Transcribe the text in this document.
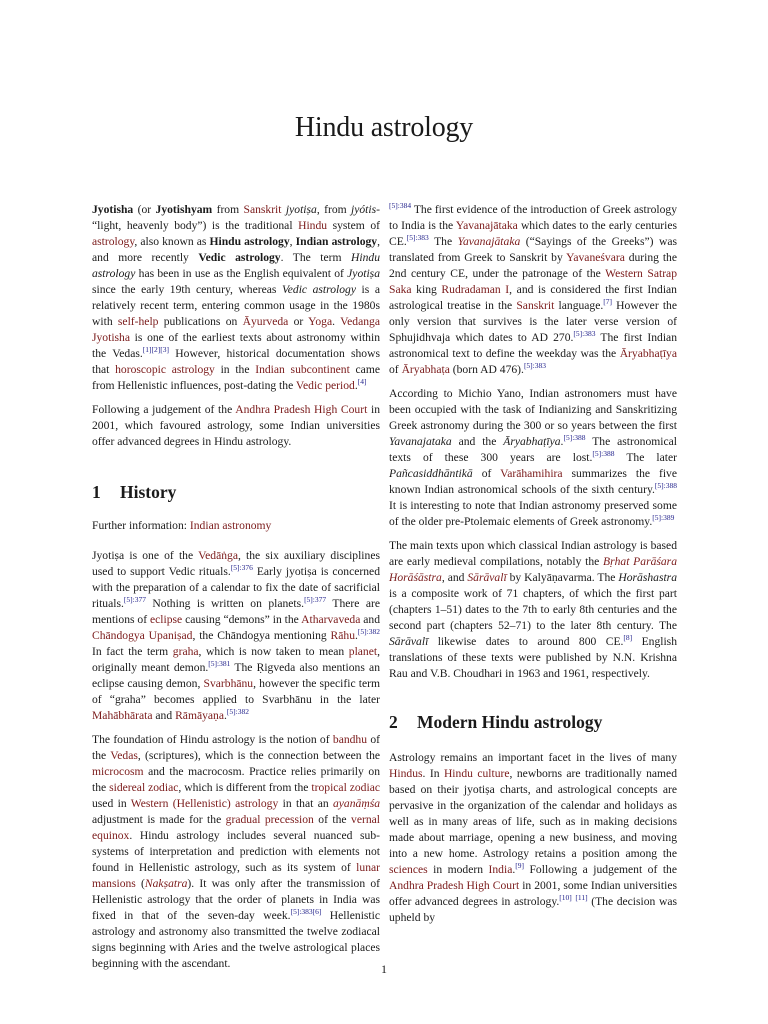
Hindu astrology

Jyotisha (or Jyotishyam from Sanskrit jyotiṣa, from jyótis- “light, heavenly body”) is the traditional Hindu system of astrology, also known as Hindu astrology, Indian astrology, and more recently Vedic astrology. The term Hindu astrology has been in use as the English equivalent of Jyotiṣa since the early 19th century, whereas Vedic astrology is a relatively recent term, entering common usage in the 1980s with self-help publications on Āyurveda or Yoga. Vedanga Jyotisha is one of the earliest texts about astronomy within the Vedas.[1][2][3] However, historical documentation shows that horoscopic astrology in the Indian subcontinent came from Hellenistic influences, post-dating the Vedic period.[4]

Following a judgement of the Andhra Pradesh High Court in 2001, which favoured astrology, some Indian universities offer advanced degrees in Hindu astrology.

1 History

Further information: Indian astronomy

Jyotiṣa is one of the Vedāṅga, the six auxiliary disciplines used to support Vedic rituals.$^{[5]:376}$ Early jyotiṣa is concerned with the preparation of a calendar to fix the date of sacrificial rituals.$^{[5]:377}$ Nothing is written on planets.$^{[5]:377}$ There are mentions of eclipse causing “demons” in the Atharvaveda and Chāndogya Upaniṣad, the Chāndogya mentioning Rāhu.$^{[5]:382}$ In fact the term graha, which is now taken to mean planet, originally meant demon.$^{[5]:381}$ The Ṛigveda also mentions an eclipse causing demon, Svarbhānu, however the specific term of “graha” becomes applied to Svarbhānu in the later Mahābhārata and Rāmāyaṇa.$^{[5]:382}$

The foundation of Hindu astrology is the notion of bandhu of the Vedas, (scriptures), which is the connection between the microcosm and the macrocosm. Practice relies primarily on the sidereal zodiac, which is different from the tropical zodiac used in Western (Hellenistic) astrology in that an ayanāṃśa adjustment is made for the gradual precession of the vernal equinox. Hindu astrology includes several nuanced sub-systems of interpretation and prediction with elements not found in Hellenistic astrology, such as its system of lunar mansions (Nakṣatra). It was only after the transmission of Hellenistic astrology that the order of planets in India was fixed in that of the seven-day week.[5]:383[6] Hellenistic astrology and astronomy also transmitted the twelve zodiacal signs beginning with Aries and the twelve astrological places beginning with the ascendant.

$^{[5]:384}$ The first evidence of the introduction of Greek astrology to India is the Yavanajātaka which dates to the early centuries CE.$^{[5]:383}$ The Yavanajātaka (“Sayings of the Greeks”) was translated from Greek to Sanskrit by Yavaneśvara during the 2nd century CE, under the patronage of the Western Satrap Saka king Rudradaman I, and is considered the first Indian astrological treatise in the Sanskrit language.[7] However the only version that survives is the later verse version of Sphujidhvaja which dates to AD 270.$^{[5]:383}$ The first Indian astronomical text to define the weekday was the Āryabhaṭīya of Āryabhaṭa (born AD 476).$^{[5]:383}$

According to Michio Yano, Indian astronomers must have been occupied with the task of Indianizing and Sanskritizing Greek astronomy during the 300 or so years between the first Yavanajataka and the Āryabhaṭīya.$^{[5]:388}$ The astronomical texts of these 300 years are lost.$^{[5]:388}$ The later Pañcasiddhāntikā of Varāhamihira summarizes the five known Indian astronomical schools of the sixth century.$^{[5]:388}$ It is interesting to note that Indian astronomy preserved some of the older pre-Ptolemaic elements of Greek astronomy.$^{[5]:389}$

The main texts upon which classical Indian astrology is based are early medieval compilations, notably the Bṛhat Parāśara Horāśāstra, and Sārāvalī by Kalyāṇavarma. The Horāshastra is a composite work of 71 chapters, of which the first part (chapters 1–51) dates to the 7th to early 8th centuries and the second part (chapters 52–71) to the later 8th century. The Sārāvalī likewise dates to around 800 CE.[8] English translations of these texts were published by N.N. Krishna Rau and V.B. Choudhari in 1963 and 1961, respectively.

2 Modern Hindu astrology

Astrology remains an important facet in the lives of many Hindus. In Hindu culture, newborns are traditionally named based on their jyotiṣa charts, and astrological concepts are pervasive in the organization of the calendar and holidays as well as in many areas of life, such as in making decisions made about marriage, opening a new business, and moving into a new home. Astrology retains a position among the sciences in modern India.[9] Following a judgement of the Andhra Pradesh High Court in 2001, some Indian universities offer advanced degrees in astrology.[10] [11] (The decision was upheld by

1
